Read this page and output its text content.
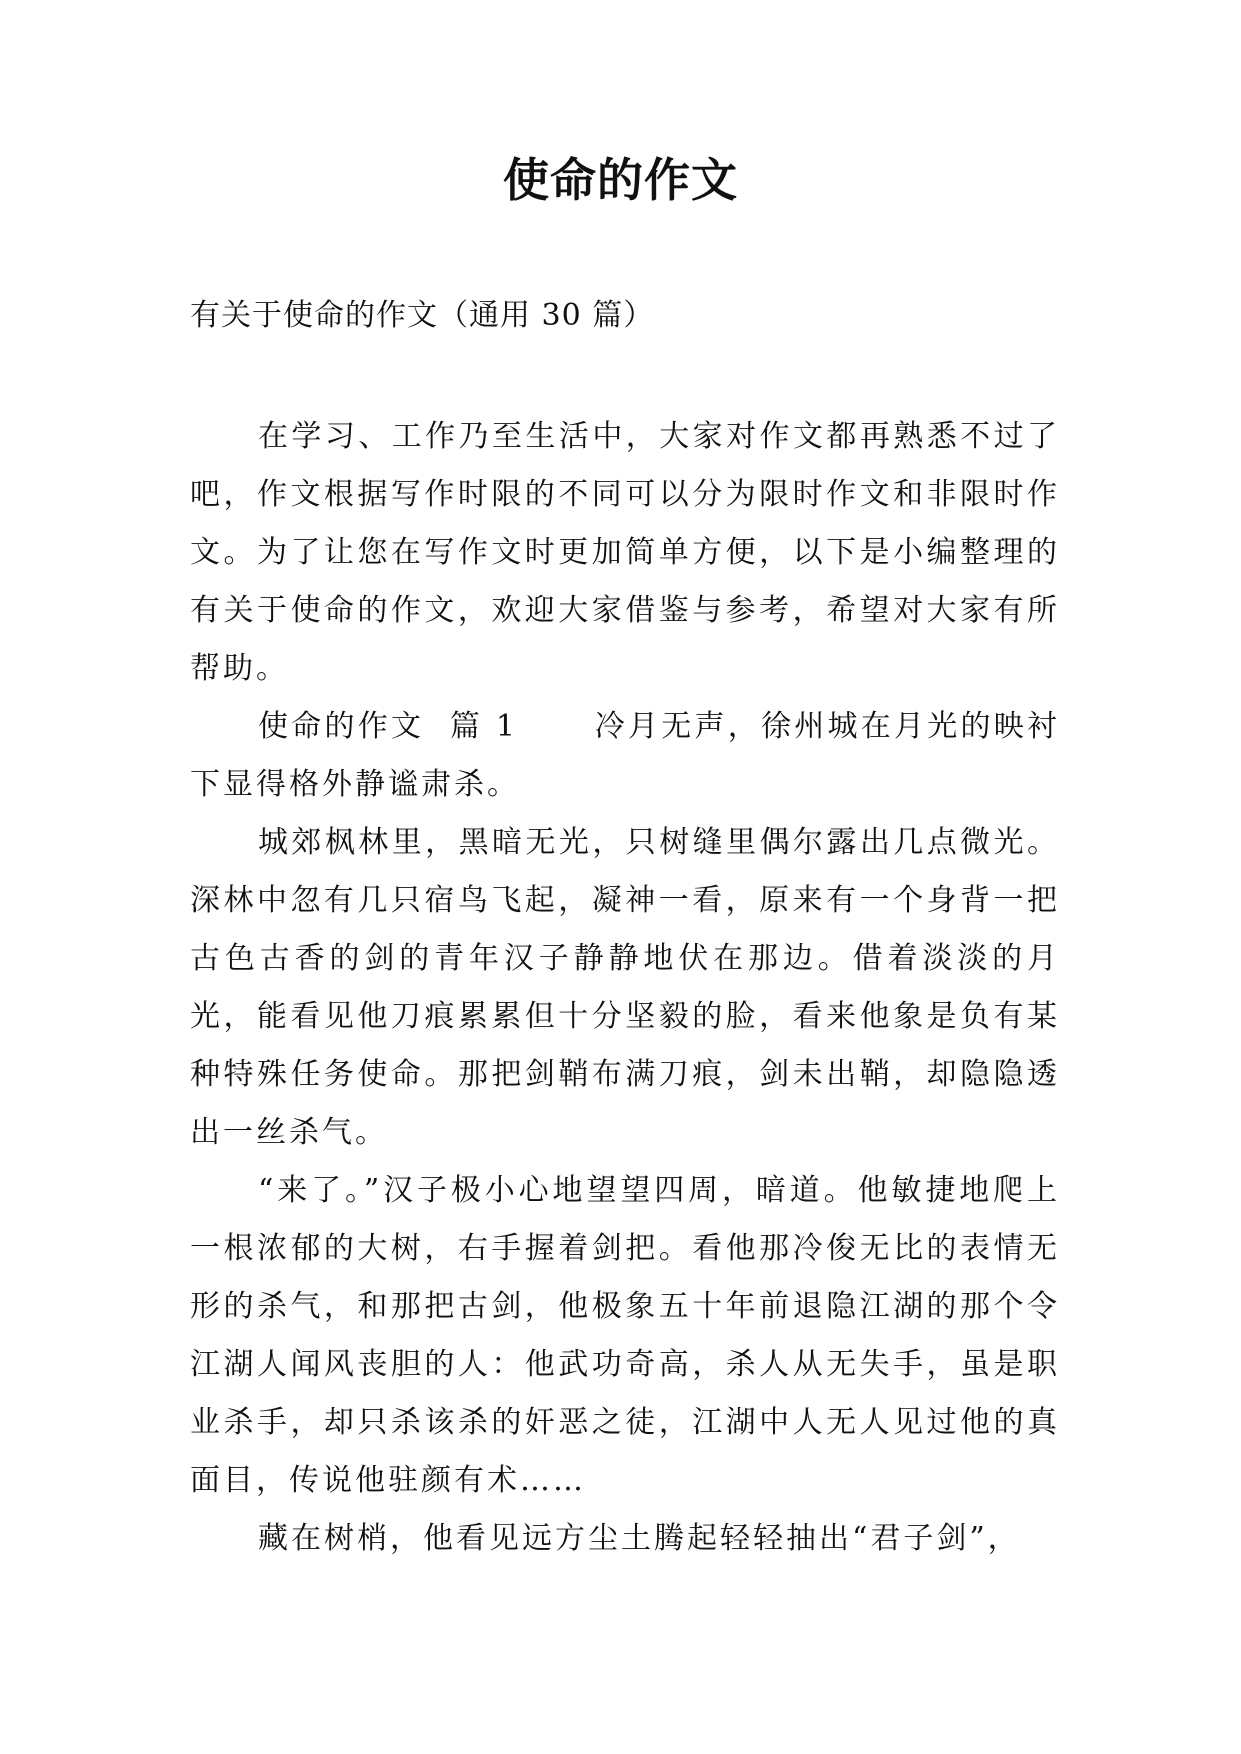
使命的作文
有关于使命的作文（通用 30 篇）

在学习、工作乃至生活中，大家对作文都再熟悉不过了吧，作文根据写作时限的不同可以分为限时作文和非限时作文。为了让您在写作文时更加简单方便，以下是小编整理的有关于使命的作文，欢迎大家借鉴与参考，希望对大家有所帮助。

使命的作文  篇 1      冷月无声，徐州城在月光的映衬下显得格外静谧肃杀。

城郊枫林里，黑暗无光，只树缝里偶尔露出几点微光。深林中忽有几只宿鸟飞起，凝神一看，原来有一个身背一把古色古香的剑的青年汉子静静地伏在那边。借着淡淡的月光，能看见他刀痕累累但十分坚毅的脸，看来他象是负有某种特殊任务使命。那把剑鞘布满刀痕，剑未出鞘，却隐隐透出一丝杀气。

“来了。”汉子极小心地望望四周，暗道。他敏捷地爬上一根浓郁的大树，右手握着剑把。看他那冷俊无比的表情无形的杀气，和那把古剑，他极象五十年前退隐江湖的那个令江湖人闻风丧胆的人：他武功奇高，杀人从无失手，虽是职业杀手，却只杀该杀的奸恶之徒，江湖中人无人见过他的真面目，传说他驻颜有术……

藏在树梢，他看见远方尘土腾起轻轻抽出“君子剑”，
